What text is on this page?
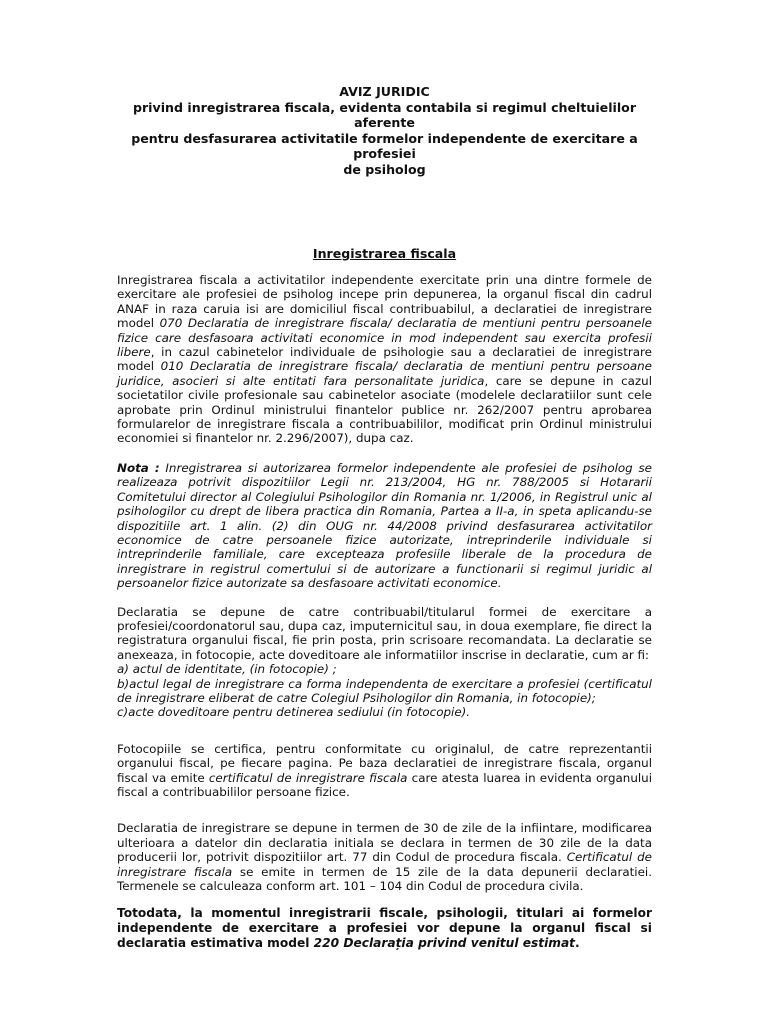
AVIZ JURIDIC
privind inregistrarea fiscala, evidenta contabila si regimul cheltuielilor aferente
pentru desfasurarea activitatile formelor independente de exercitare a profesiei
de psiholog
Inregistrarea fiscala

Inregistrarea fiscala a activitatilor independente exercitate prin una dintre formele de exercitare ale profesiei de psiholog incepe prin depunerea, la organul fiscal din cadrul ANAF in raza caruia isi are domiciliul fiscal contribuabilul, a declaratiei de inregistrare model 070 Declaratia de inregistrare fiscala/ declaratia de mentiuni pentru persoanele fizice care desfasoara activitati economice in mod independent sau exercita profesii libere, in cazul cabinetelor individuale de psihologie sau a declaratiei de inregistrare model 010 Declaratia de inregistrare fiscala/ declaratia de mentiuni pentru persoane juridice, asocieri si alte entitati fara personalitate juridica, care se depune in cazul societatilor civile profesionale sau cabinetelor asociate (modelele declaratiilor sunt cele aprobate prin Ordinul ministrului finantelor publice nr. 262/2007 pentru aprobarea formularelor de inregistrare fiscala a contribuabililor, modificat prin Ordinul ministrului economiei si finantelor nr. 2.296/2007), dupa caz.

Nota : Inregistrarea si autorizarea formelor independente ale profesiei de psiholog se realizeaza potrivit dispozitiilor Legii nr. 213/2004, HG nr. 788/2005 si Hotararii Comitetului director al Colegiului Psihologilor din Romania nr. 1/2006, in Registrul unic al psihologilor cu drept de libera practica din Romania, Partea a II-a, in speta aplicandu-se dispozitiile art. 1 alin. (2) din OUG nr. 44/2008 privind desfasurarea activitatilor economice de catre persoanele fizice autorizate, intreprinderile individuale si intreprinderile familiale, care excepteaza profesiile liberale de la procedura de inregistrare in registrul comertului si de autorizare a functionarii si regimul juridic al persoanelor fizice autorizate sa desfasoare activitati economice.

Declaratia se depune de catre contribuabil/titularul formei de exercitare a profesiei/coordonatorul sau, dupa caz, imputernicitul sau, in doua exemplare, fie direct la registratura organului fiscal, fie prin posta, prin scrisoare recomandata. La declaratie se anexeaza, in fotocopie, acte doveditoare ale informatiilor inscrise in declaratie, cum ar fi:
a) actul de identitate, (in fotocopie) ;
b)actul legal de inregistrare ca forma independenta de exercitare a profesiei (certificatul de inregistrare eliberat de catre Colegiul Psihologilor din Romania, in fotocopie);
c)acte doveditoare pentru detinerea sediului (in fotocopie).

Fotocopiile se certifica, pentru conformitate cu originalul, de catre reprezentantii organului fiscal, pe fiecare pagina. Pe baza declaratiei de inregistrare fiscala, organul fiscal va emite certificatul de inregistrare fiscala care atesta luarea in evidenta organului fiscal a contribuabililor persoane fizice.

Declaratia de inregistrare se depune in termen de 30 de zile de la infiintare, modificarea ulterioara a datelor din declaratia initiala se declara in termen de 30 zile de la data producerii lor, potrivit dispozitiilor art. 77 din Codul de procedura fiscala. Certificatul de inregistrare fiscala se emite in termen de 15 zile de la data depunerii declaratiei. Termenele se calculeaza conform art. 101 – 104 din Codul de procedura civila.

Totodata, la momentul inregistrarii fiscale, psihologii, titulari ai formelor independente de exercitare a profesiei vor depune la organul fiscal si declaratia estimativa model 220 Declarația privind venitul estimat.
